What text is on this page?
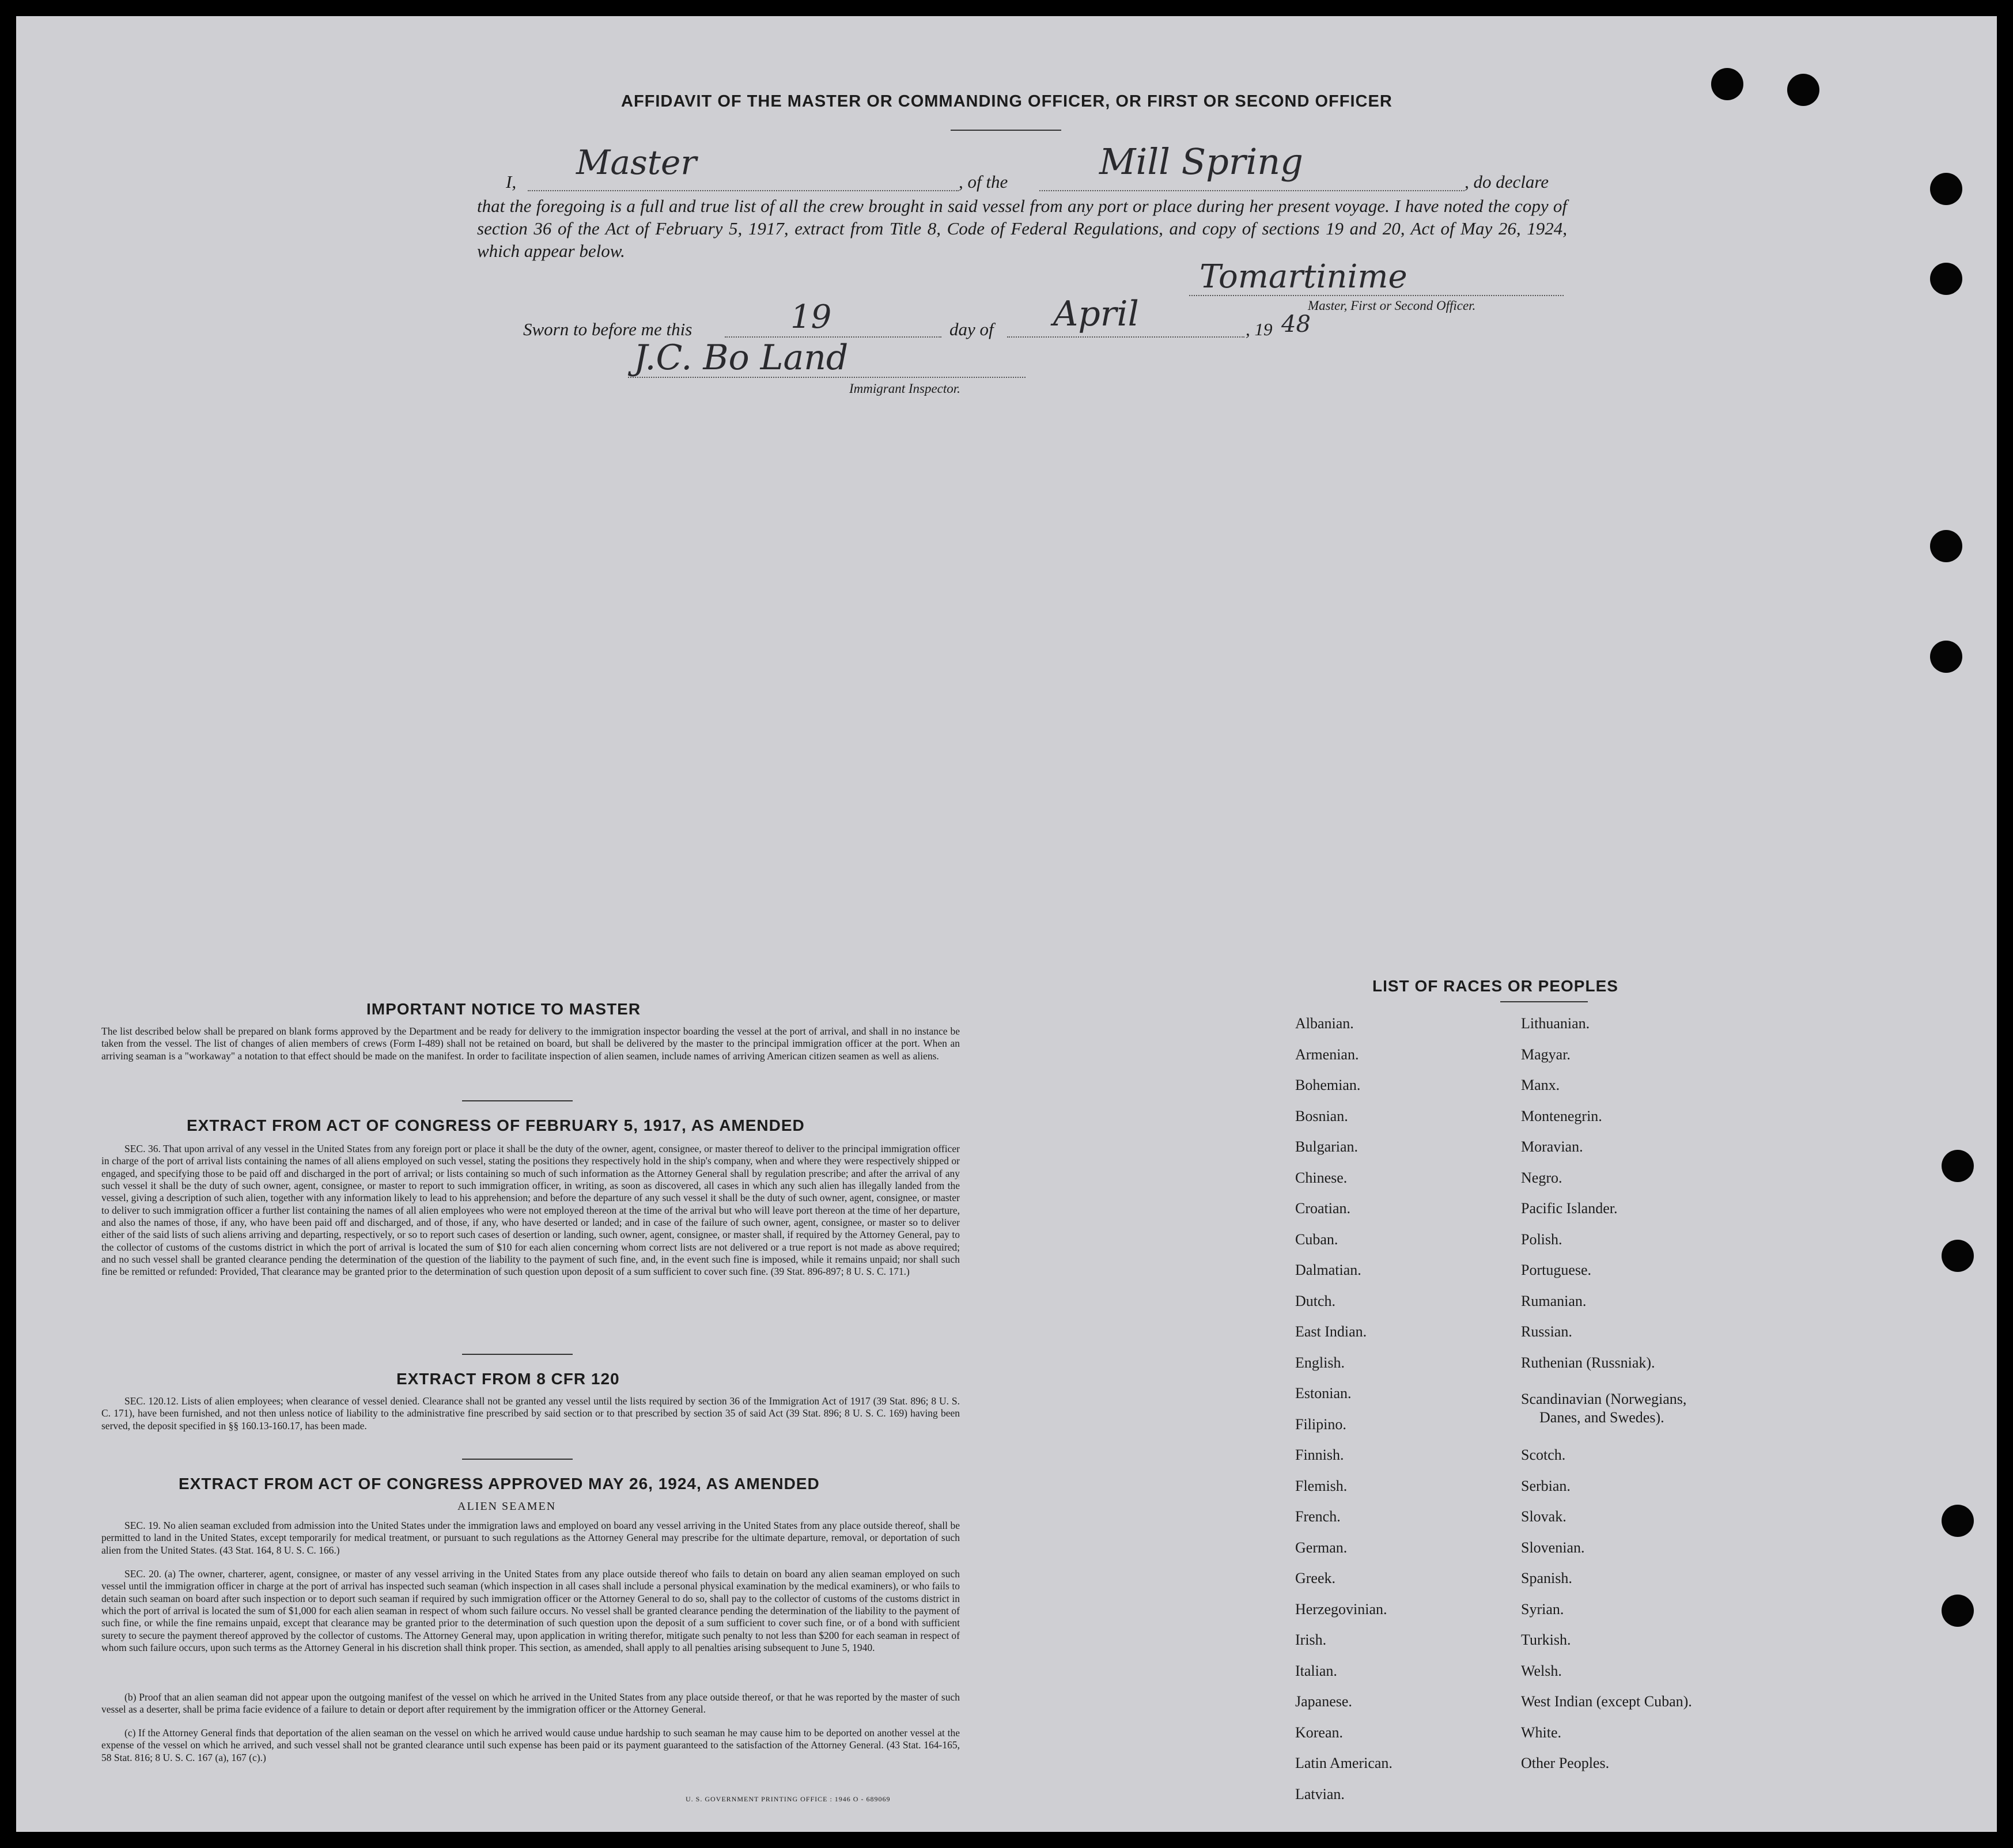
AFFIDAVIT OF THE MASTER OR COMMANDING OFFICER, OR FIRST OR SECOND OFFICER
I, Master	, of the	Mill Spring	, do declare
that the foregoing is a full and true list of all the crew brought in said vessel from any port or place during her present voyage. I have noted the copy of section 36 of the Act of February 5, 1917, extract from Title 8, Code of Federal Regulations, and copy of sections 19 and 20, Act of May 26, 1924, which appear below.
Tomartinime
Master, First or Second Officer.
Sworn to before me this	19	day of April	, 19 48
J.C. Bo Land
Immigrant Inspector.
IMPORTANT NOTICE TO MASTER
The list described below shall be prepared on blank forms approved by the Department and be ready for delivery to the immigration inspector boarding the vessel at the port of arrival, and shall in no instance be taken from the vessel. The list of changes of alien members of crews (Form I-489) shall not be retained on board, but shall be delivered by the master to the principal immigration officer at the port. When an arriving seaman is a "workaway" a notation to that effect should be made on the manifest. In order to facilitate inspection of alien seamen, include names of arriving American citizen seamen as well as aliens.
EXTRACT FROM ACT OF CONGRESS OF FEBRUARY 5, 1917, AS AMENDED
SEC. 36. That upon arrival of any vessel in the United States from any foreign port or place it shall be the duty of the owner, agent, consignee, or master thereof to deliver to the principal immigration officer in charge of the port of arrival lists containing the names of all aliens employed on such vessel, stating the positions they respectively hold in the ship's company, when and where they were respectively shipped or engaged, and specifying those to be paid off and discharged in the port of arrival; or lists containing so much of such information as the Attorney General shall by regulation prescribe; and after the arrival of any such vessel it shall be the duty of such owner, agent, consignee, or master to report to such immigration officer, in writing, as soon as discovered, all cases in which any such alien has illegally landed from the vessel, giving a description of such alien, together with any information likely to lead to his apprehension; and before the departure of any such vessel it shall be the duty of such owner, agent, consignee, or master to deliver to such immigration officer a further list containing the names of all alien employees who were not employed thereon at the time of the arrival but who will leave port thereon at the time of her departure, and also the names of those, if any, who have been paid off and discharged, and of those, if any, who have deserted or landed; and in case of the failure of such owner, agent, consignee, or master so to deliver either of the said lists of such aliens arriving and departing, respectively, or so to report such cases of desertion or landing, such owner, agent, consignee, or master shall, if required by the Attorney General, pay to the collector of customs of the customs district in which the port of arrival is located the sum of $10 for each alien concerning whom correct lists are not delivered or a true report is not made as above required; and no such vessel shall be granted clearance pending the determination of the question of the liability to the payment of such fine, and, in the event such fine is imposed, while it remains unpaid; nor shall such fine be remitted or refunded: Provided, That clearance may be granted prior to the determination of such question upon deposit of a sum sufficient to cover such fine. (39 Stat. 896-897; 8 U. S. C. 171.)
EXTRACT FROM 8 CFR 120
SEC. 120.12. Lists of alien employees; when clearance of vessel denied. Clearance shall not be granted any vessel until the lists required by section 36 of the Immigration Act of 1917 (39 Stat. 896; 8 U. S. C. 171), have been furnished, and not then unless notice of liability to the administrative fine prescribed by said section or to that prescribed by section 35 of said Act (39 Stat. 896; 8 U. S. C. 169) having been served, the deposit specified in §§ 160.13-160.17, has been made.
EXTRACT FROM ACT OF CONGRESS APPROVED MAY 26, 1924, AS AMENDED
ALIEN SEAMEN
SEC. 19. No alien seaman excluded from admission into the United States under the immigration laws and employed on board any vessel arriving in the United States from any place outside thereof, shall be permitted to land in the United States, except temporarily for medical treatment, or pursuant to such regulations as the Attorney General may prescribe for the ultimate departure, removal, or deportation of such alien from the United States. (43 Stat. 164, 8 U. S. C. 166.)
SEC. 20. (a) The owner, charterer, agent, consignee, or master of any vessel arriving in the United States from any place outside thereof who fails to detain on board any alien seaman employed on such vessel until the immigration officer in charge at the port of arrival has inspected such seaman (which inspection in all cases shall include a personal physical examination by the medical examiners), or who fails to detain such seaman on board after such inspection or to deport such seaman if required by such immigration officer or the Attorney General to do so, shall pay to the collector of customs of the customs district in which the port of arrival is located the sum of $1,000 for each alien seaman in respect of whom such failure occurs. No vessel shall be granted clearance pending the determination of the liability to the payment of such fine, or while the fine remains unpaid, except that clearance may be granted prior to the determination of such question upon the deposit of a sum sufficient to cover such fine, or of a bond with sufficient surety to secure the payment thereof approved by the collector of customs. The Attorney General may, upon application in writing therefor, mitigate such penalty to not less than $200 for each seaman in respect of whom such failure occurs, upon such terms as the Attorney General in his discretion shall think proper. This section, as amended, shall apply to all penalties arising subsequent to June 5, 1940.
(b) Proof that an alien seaman did not appear upon the outgoing manifest of the vessel on which he arrived in the United States from any place outside thereof, or that he was reported by the master of such vessel as a deserter, shall be prima facie evidence of a failure to detain or deport after requirement by the immigration officer or the Attorney General.
(c) If the Attorney General finds that deportation of the alien seaman on the vessel on which he arrived would cause undue hardship to such seaman he may cause him to be deported on another vessel at the expense of the vessel on which he arrived, and such vessel shall not be granted clearance until such expense has been paid or its payment guaranteed to the satisfaction of the Attorney General. (43 Stat. 164-165, 58 Stat. 816; 8 U. S. C. 167 (a), 167 (c).)
U. S. GOVERNMENT PRINTING OFFICE : 1946 O - 689069
LIST OF RACES OR PEOPLES
Albanian.
Armenian.
Bohemian.
Bosnian.
Bulgarian.
Chinese.
Croatian.
Cuban.
Dalmatian.
Dutch.
East Indian.
English.
Estonian.
Filipino.
Finnish.
Flemish.
French.
German.
Greek.
Herzegovinian.
Irish.
Italian.
Japanese.
Korean.
Latin American.
Latvian.
Lithuanian.
Magyar.
Manx.
Montenegrin.
Moravian.
Negro.
Pacific Islander.
Polish.
Portuguese.
Rumanian.
Russian.
Ruthenian (Russniak).
Scandinavian (Norwegians,
Danes, and Swedes).
Scotch.
Serbian.
Slovak.
Slovenian.
Spanish.
Syrian.
Turkish.
Welsh.
West Indian (except Cuban).
White.
Other Peoples.
